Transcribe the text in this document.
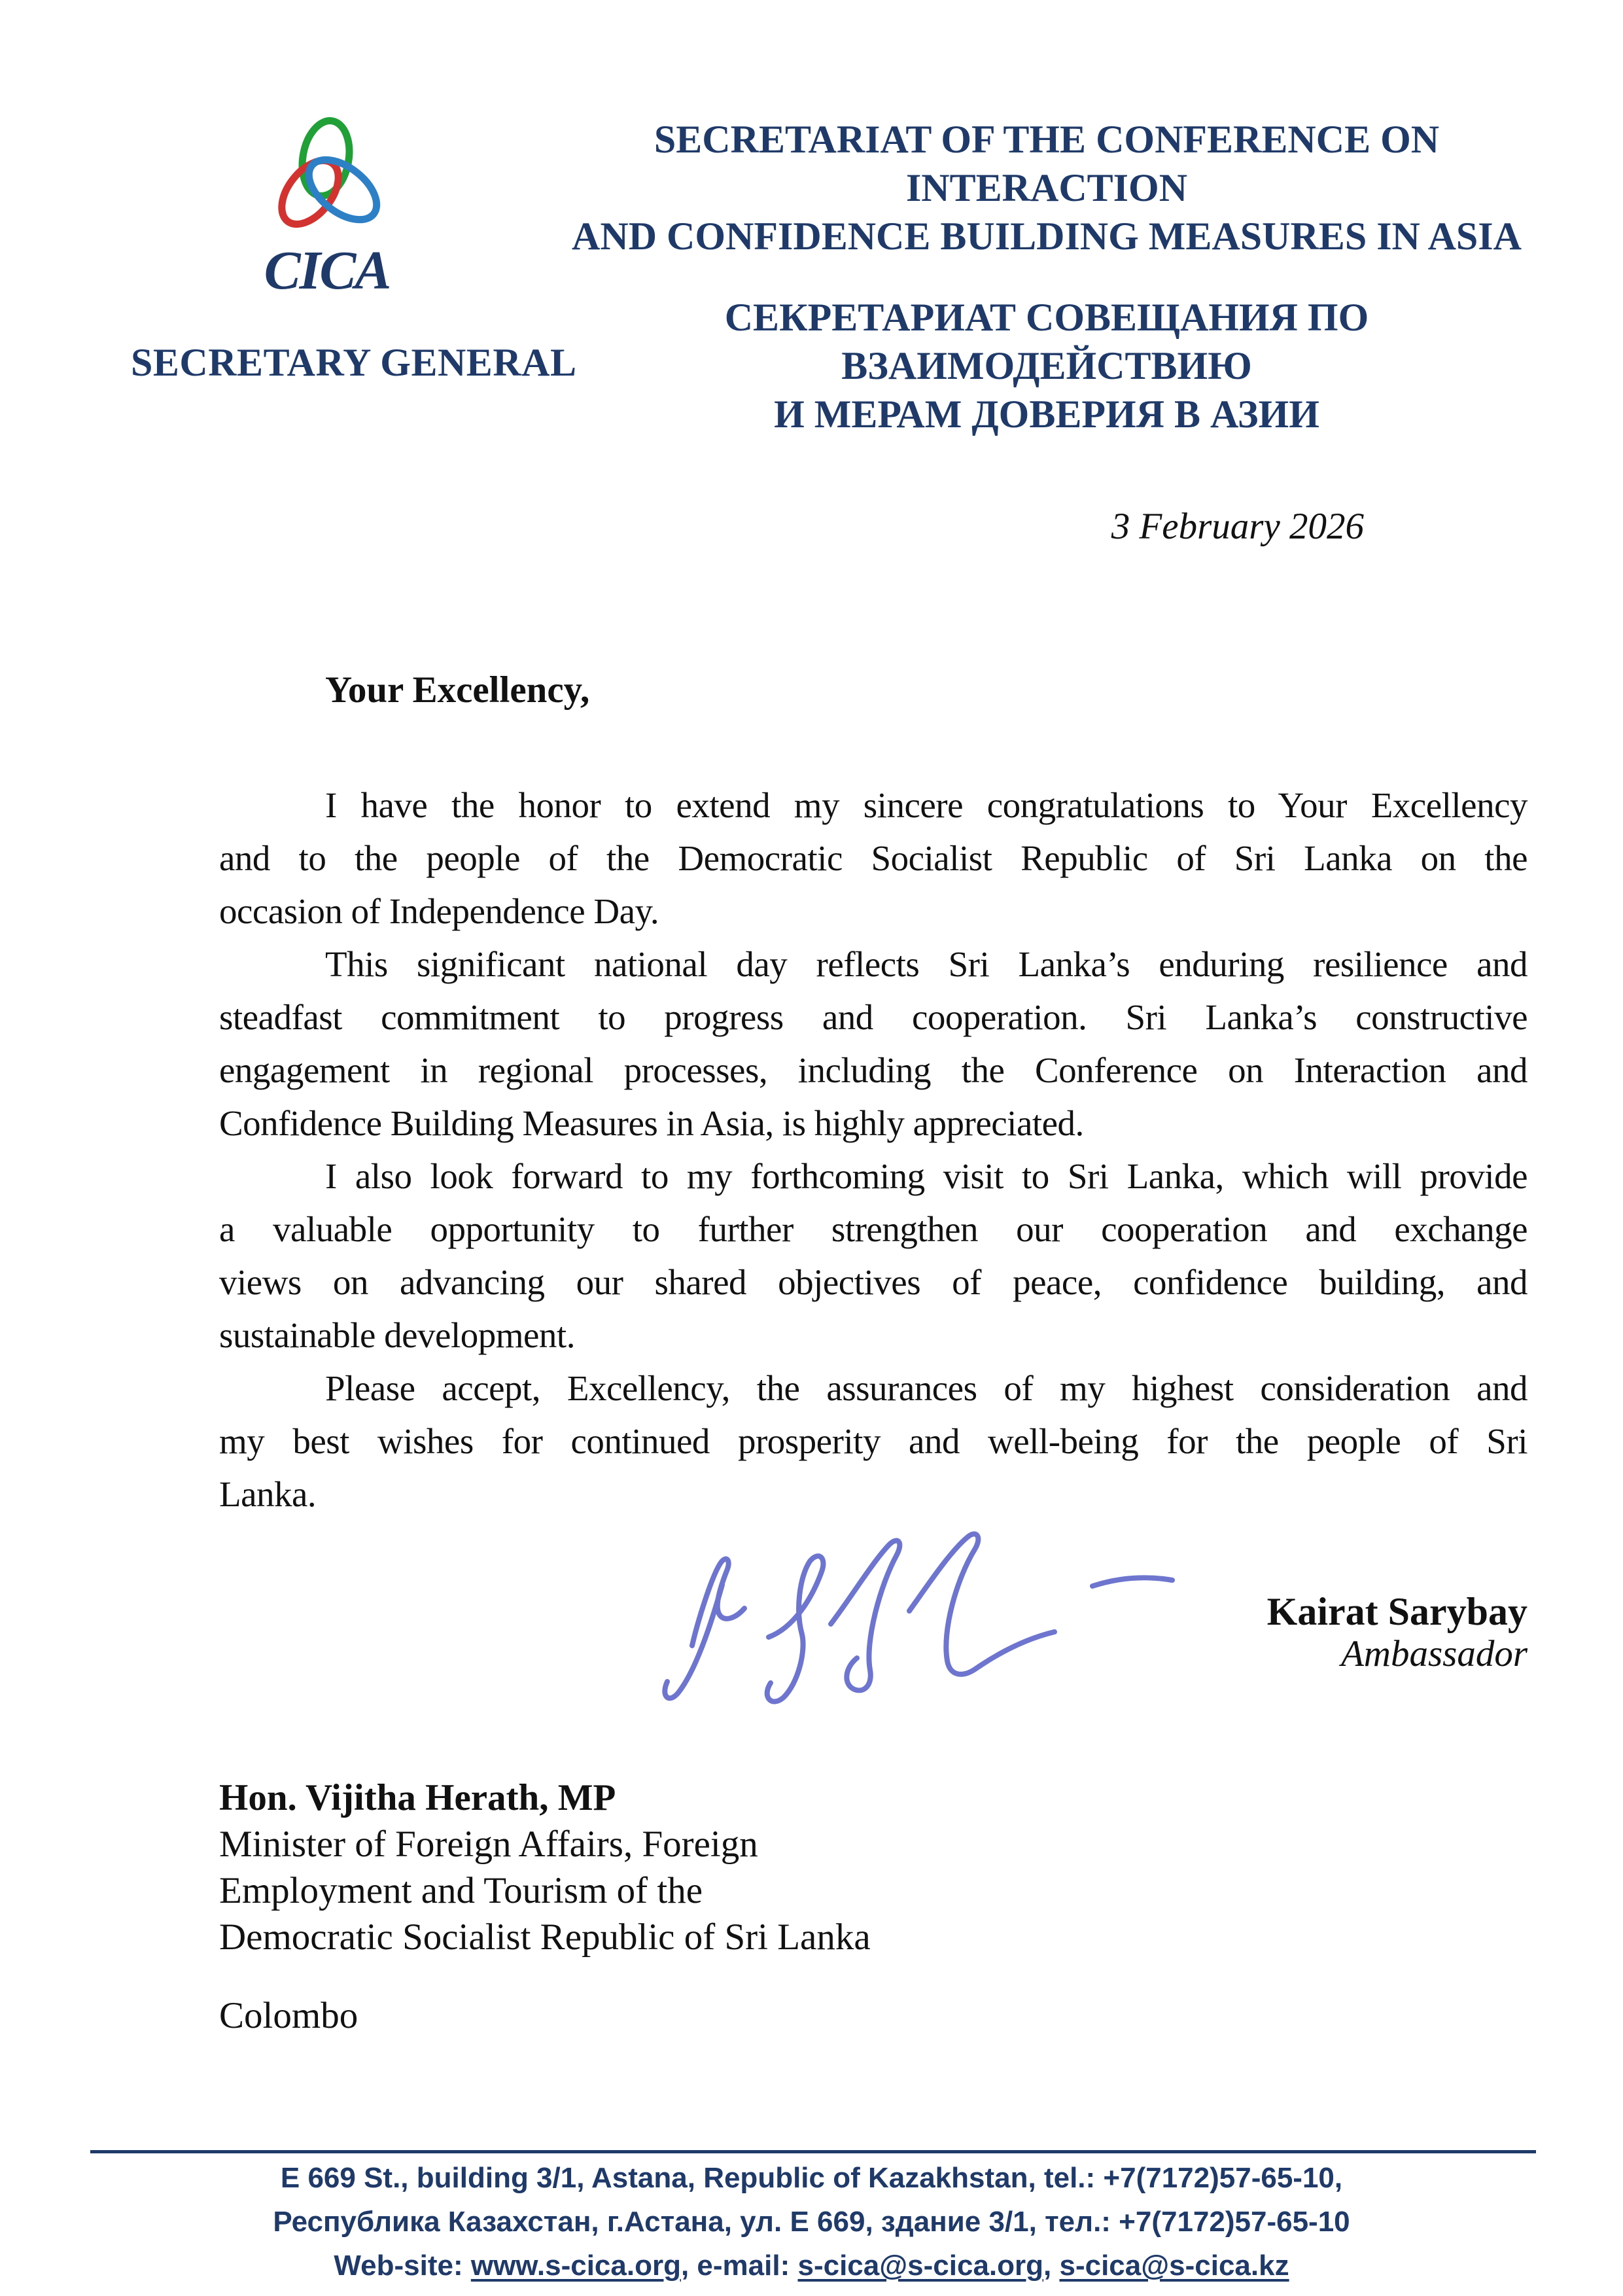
CICA
SECRETARIAT OF THE CONFERENCE ON INTERACTION
AND CONFIDENCE BUILDING MEASURES IN ASIA
СЕКРЕТАРИАТ СОВЕЩАНИЯ ПО ВЗАИМОДЕЙСТВИЮ
И МЕРАМ ДОВЕРИЯ В АЗИИ
SECRETARY GENERAL
3 February 2026
Your Excellency,
I have the honor to extend my sincere congratulations to Your Excellency
and to the people of the Democratic Socialist Republic of Sri Lanka on the
occasion of Independence Day.
This significant national day reflects Sri Lanka’s enduring resilience and
steadfast commitment to progress and cooperation. Sri Lanka’s constructive
engagement in regional processes, including the Conference on Interaction and
Confidence Building Measures in Asia, is highly appreciated.
I also look forward to my forthcoming visit to Sri Lanka, which will provide
a valuable opportunity to further strengthen our cooperation and exchange
views on advancing our shared objectives of peace, confidence building, and
sustainable development.
Please accept, Excellency, the assurances of my highest consideration and
my best wishes for continued prosperity and well-being for the people of Sri
Lanka.
Kairat Sarybay
Ambassador
Hon. Vijitha Herath, MP
Minister of Foreign Affairs, Foreign
Employment and Tourism of the
Democratic Socialist Republic of Sri Lanka
Colombo
E 669 St., building 3/1, Astana, Republic of Kazakhstan, tel.: +7(7172)57-65-10,
Республика Казахстан, г.Астана, ул. Е 669, здание 3/1, тел.: +7(7172)57-65-10
Web-site: www.s-cica.org, e-mail: s-cica@s-cica.org, s-cica@s-cica.kz
